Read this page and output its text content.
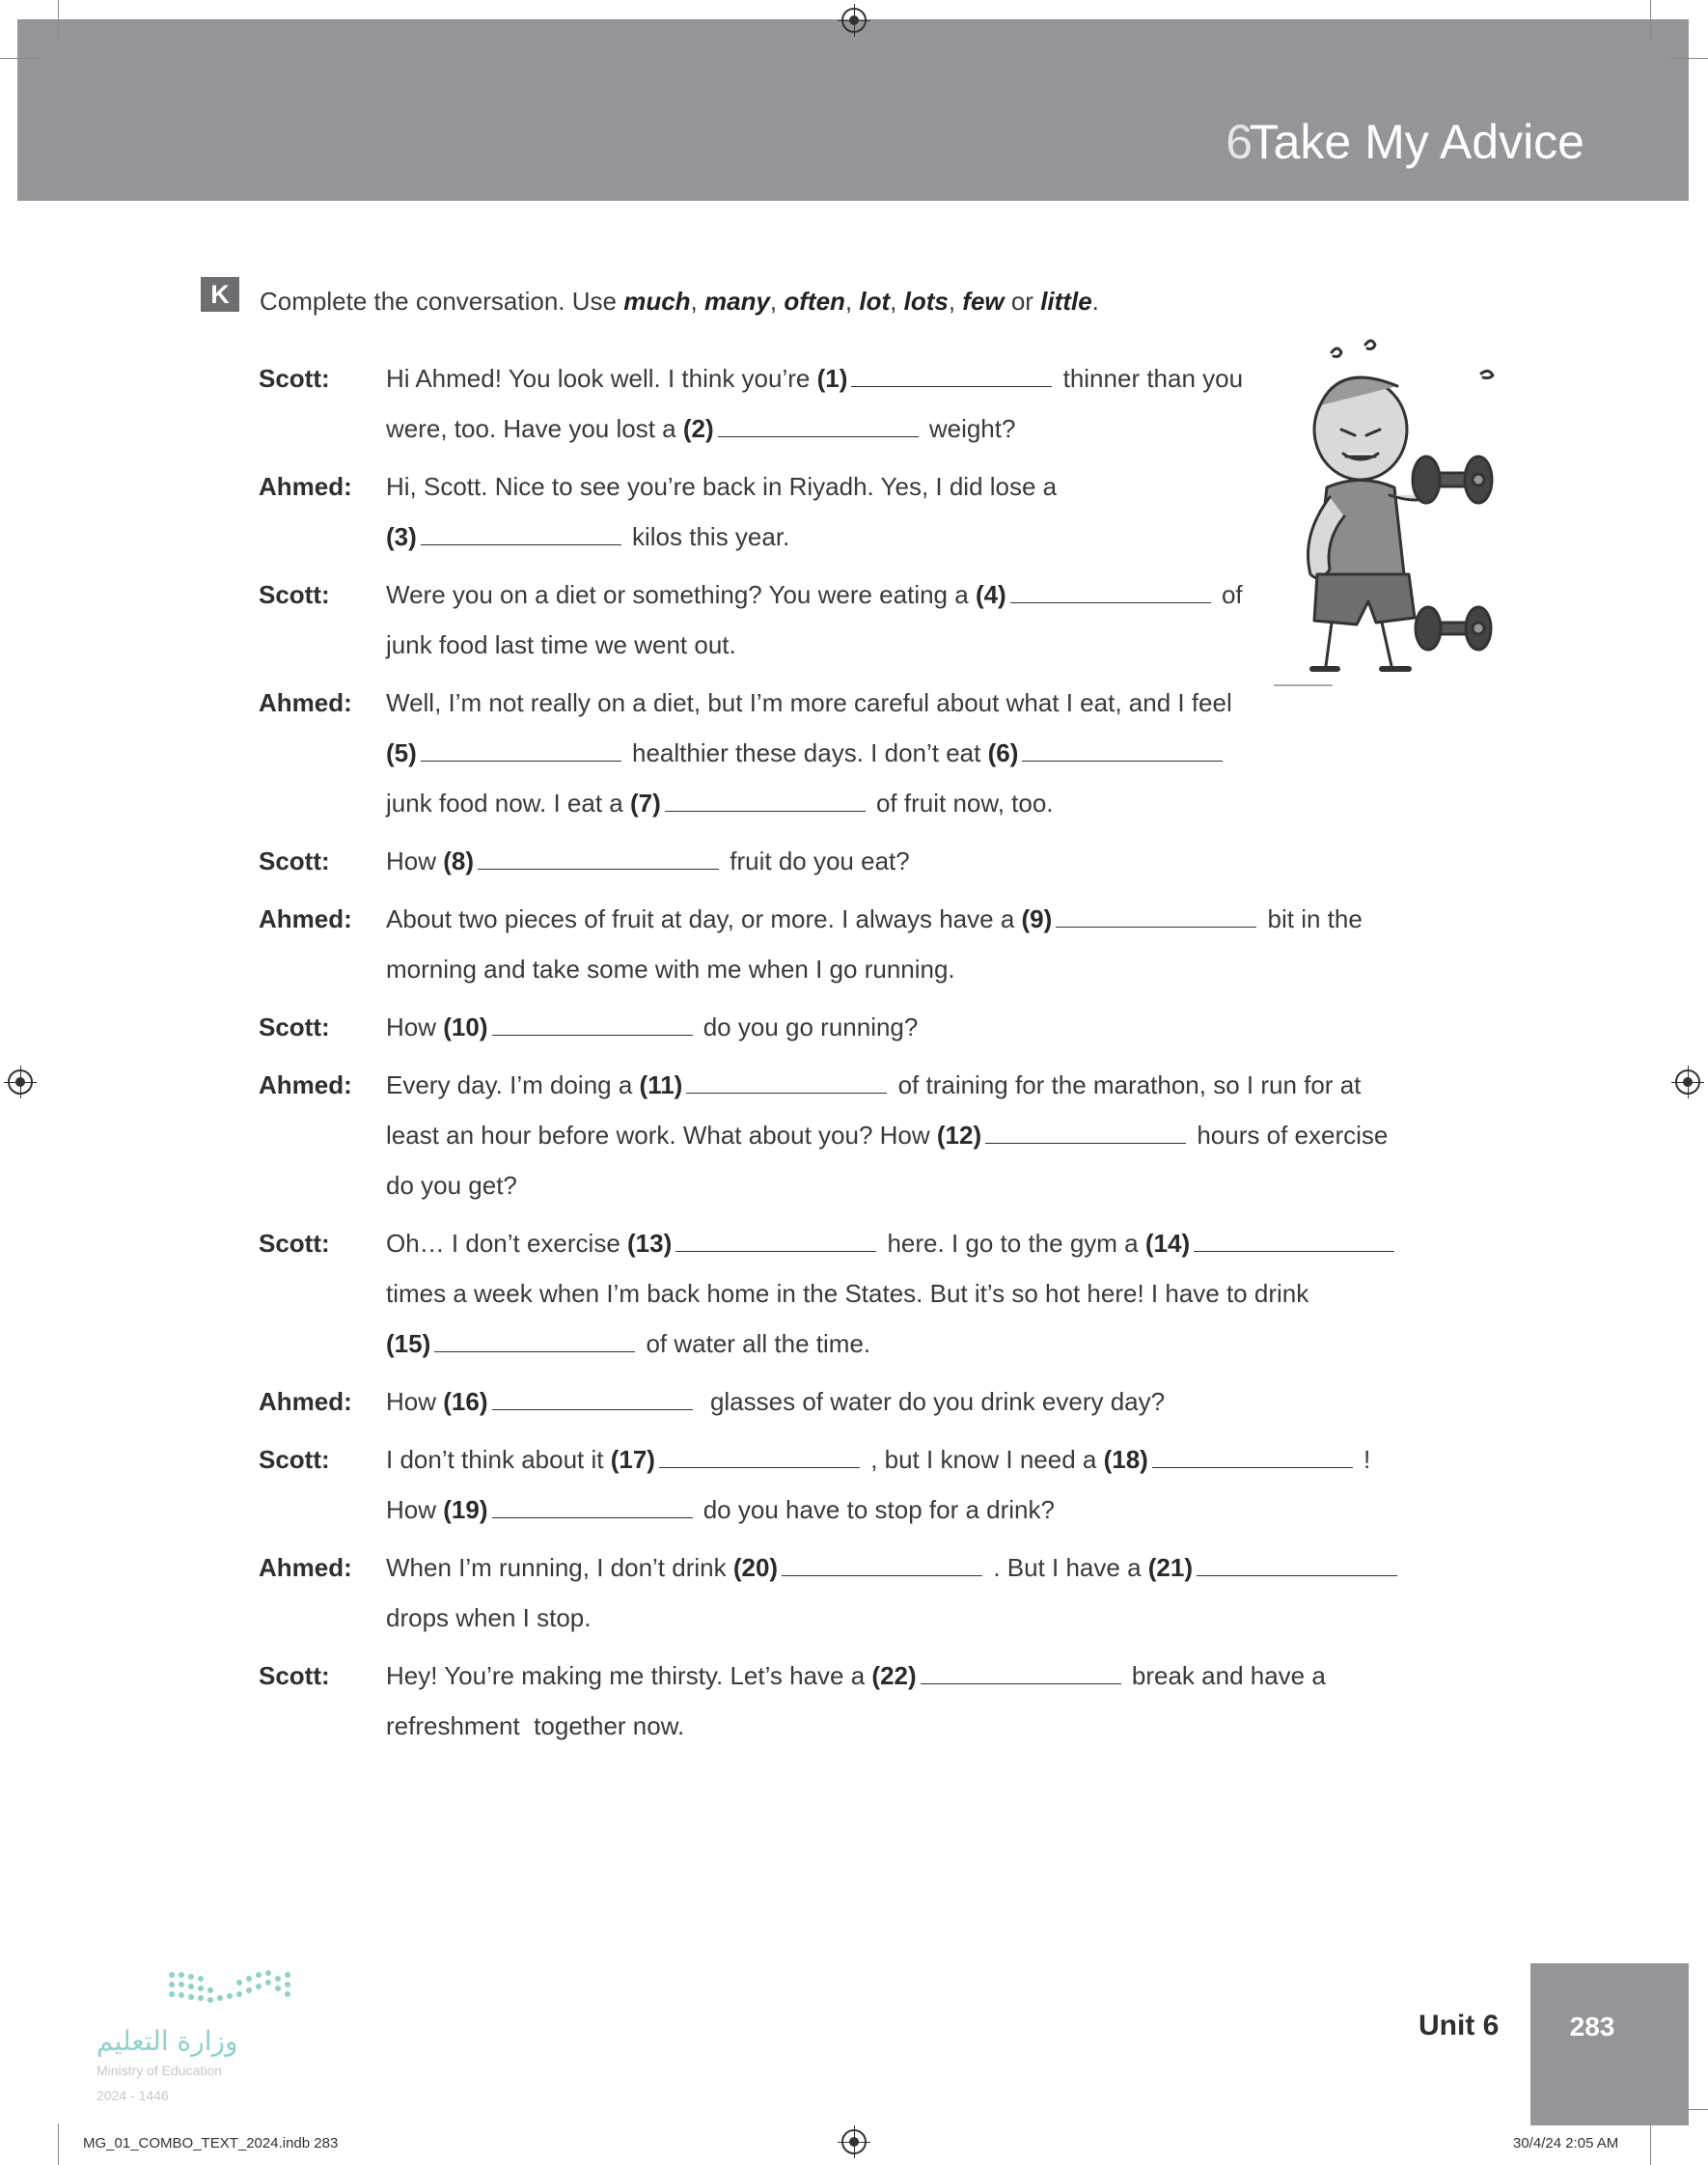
6
Take My Advice
K	Complete the conversation. Use much, many, often, lot, lots, few or little.
Scott:	Hi Ahmed! You look well. I think you’re (1)	thinner than you
were, too. Have you lost a (2)	weight?
Ahmed:	Hi, Scott. Nice to see you’re back in Riyadh. Yes, I did lose a
(3)	kilos this year.
Scott:	Were you on a diet or something? You were eating a (4)	of
junk food last time we went out.
Ahmed:	Well, I’m not really on a diet, but I’m more careful about what I eat, and I feel
(5)	healthier these days. I don’t eat (6)
junk food now. I eat a (7)	of fruit now, too.
Scott:	How (8)	fruit do you eat?
Ahmed:	About two pieces of fruit at day, or more. I always have a (9)	bit in the
morning and take some with me when I go running.
Scott:	How (10)	do you go running?
Ahmed:	Every day. I’m doing a (11)	of training for the marathon, so I run for at
least an hour before work. What about you? How (12)	hours of exercise
do you get?
Scott:	Oh… I don’t exercise (13)	here. I go to the gym a (14)
times a week when I’m back home in the States. But it’s so hot here! I have to drink
(15)	of water all the time.
Ahmed:	How (16)	glasses of water do you drink every day?
Scott:	I don’t think about it (17)	, but I know I need a (18)	!
How (19)	do you have to stop for a drink?
Ahmed:	When I’m running, I don’t drink (20)	. But I have a (21)
drops when I stop.
Scott:	Hey! You’re making me thirsty. Let’s have a (22)	break and have a
refreshment  together now.
وزارة التعليم
Ministry of Education
2024 - 1446
Unit 6	283
MG_01_COMBO_TEXT_2024.indb 283	30/4/24 2:05 AM
